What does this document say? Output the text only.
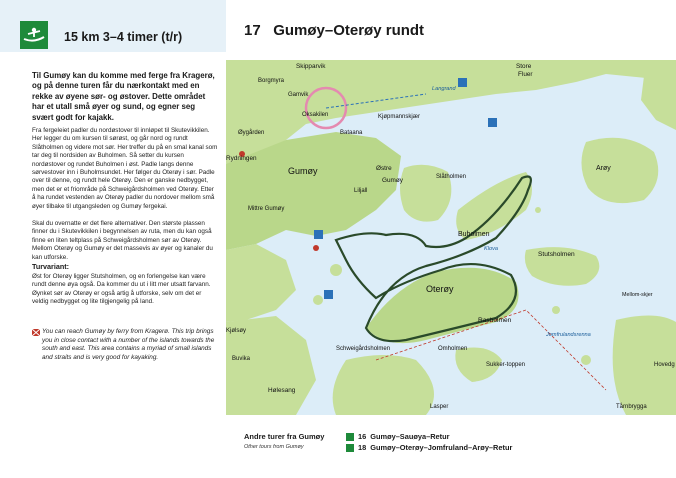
15 km 3–4 timer (t/r)
Til Gumøy kan du komme med ferge fra Kragerø, og på denne turen får du nærkontakt med en rekke av øyene sør- og østover. Dette området har et utall små øyer og sund, og egner seg svært godt for kajakk.
Fra fergeleiet padler du nordøstover til innløpet til Skutevikkilen. Her legger du om kursen til sørøst, og går nord og rundt Slåtholmen og videre mot sør. Her treffer du på en smal kanal som tar deg til nordsiden av Buholmen. Så setter du kursen nordøstover og rundet Buholmen i øst. Padle langs denne sørvestover inn i Buholmsundet. Her følger du Oterøy i sør. Padle over til denne, og rundt hele Oterøy. Den er ganske nedbygget, men det er et friområde på Schweigårdsholmen ved Oterøy. Etter å ha rundet vestenden av Oterøy padler du nordover mellom små øyer tilbake til utgangsleden og Gumøy fergekai.
Skal du overnatte er det flere alternativer. Den største plassen finner du i Skutevikkilen i begynnelsen av ruta, men du kan også finne en liten teltplass på Schweigårdsholmen sør av Oterøy. Mellom Oterøy og Gumøy er det massevis av øyer og kanaler du kan utforske.
Turvariant:
Øst for Oterøy ligger Stutsholmen, og en forlengelse kan være rundt denne øya også. Da kommer du ut i litt mer utsatt farvann. Øynket sør av Oterøy er også artig å utforske, selv om det er veldig nedbygget og lite tilgjengelig på land.
You can reach Gumøy by ferry from Kragerø. This trip brings you in close contact with a number of the islands towards the south and east. This area contains a myriad of small islands and straits and is very good for kayaking.
17 Gumøy–Oterøy rundt
Skipparvik
Borgmyra
Gamvik
Oksakilen
Øygården	Bataana
Kjøpmannskjær
Langrand
Store
Fluer
Rydningen
Gumøy
Liljall
Mittre Gumøy
Østre
Gumøy	Slåtholmen
Buholmen
Arøy
Stutsholmen
Oterøy
Rasholmen
Kjølsøy
Schweigårdsholmen	Omholmen
Sukker-toppen
Buvika
Hølesang
Lasper	Tårnbrygga
Hovedg
Jomfrulandsrenna
Klova
Mellom-skjer
Andre turer fra Gumøy
Other tours from Gumøy
16 Gumøy–Sauøya–Retur
18 Gumøy–Oterøy–Jomfruland–Arøy–Retur
